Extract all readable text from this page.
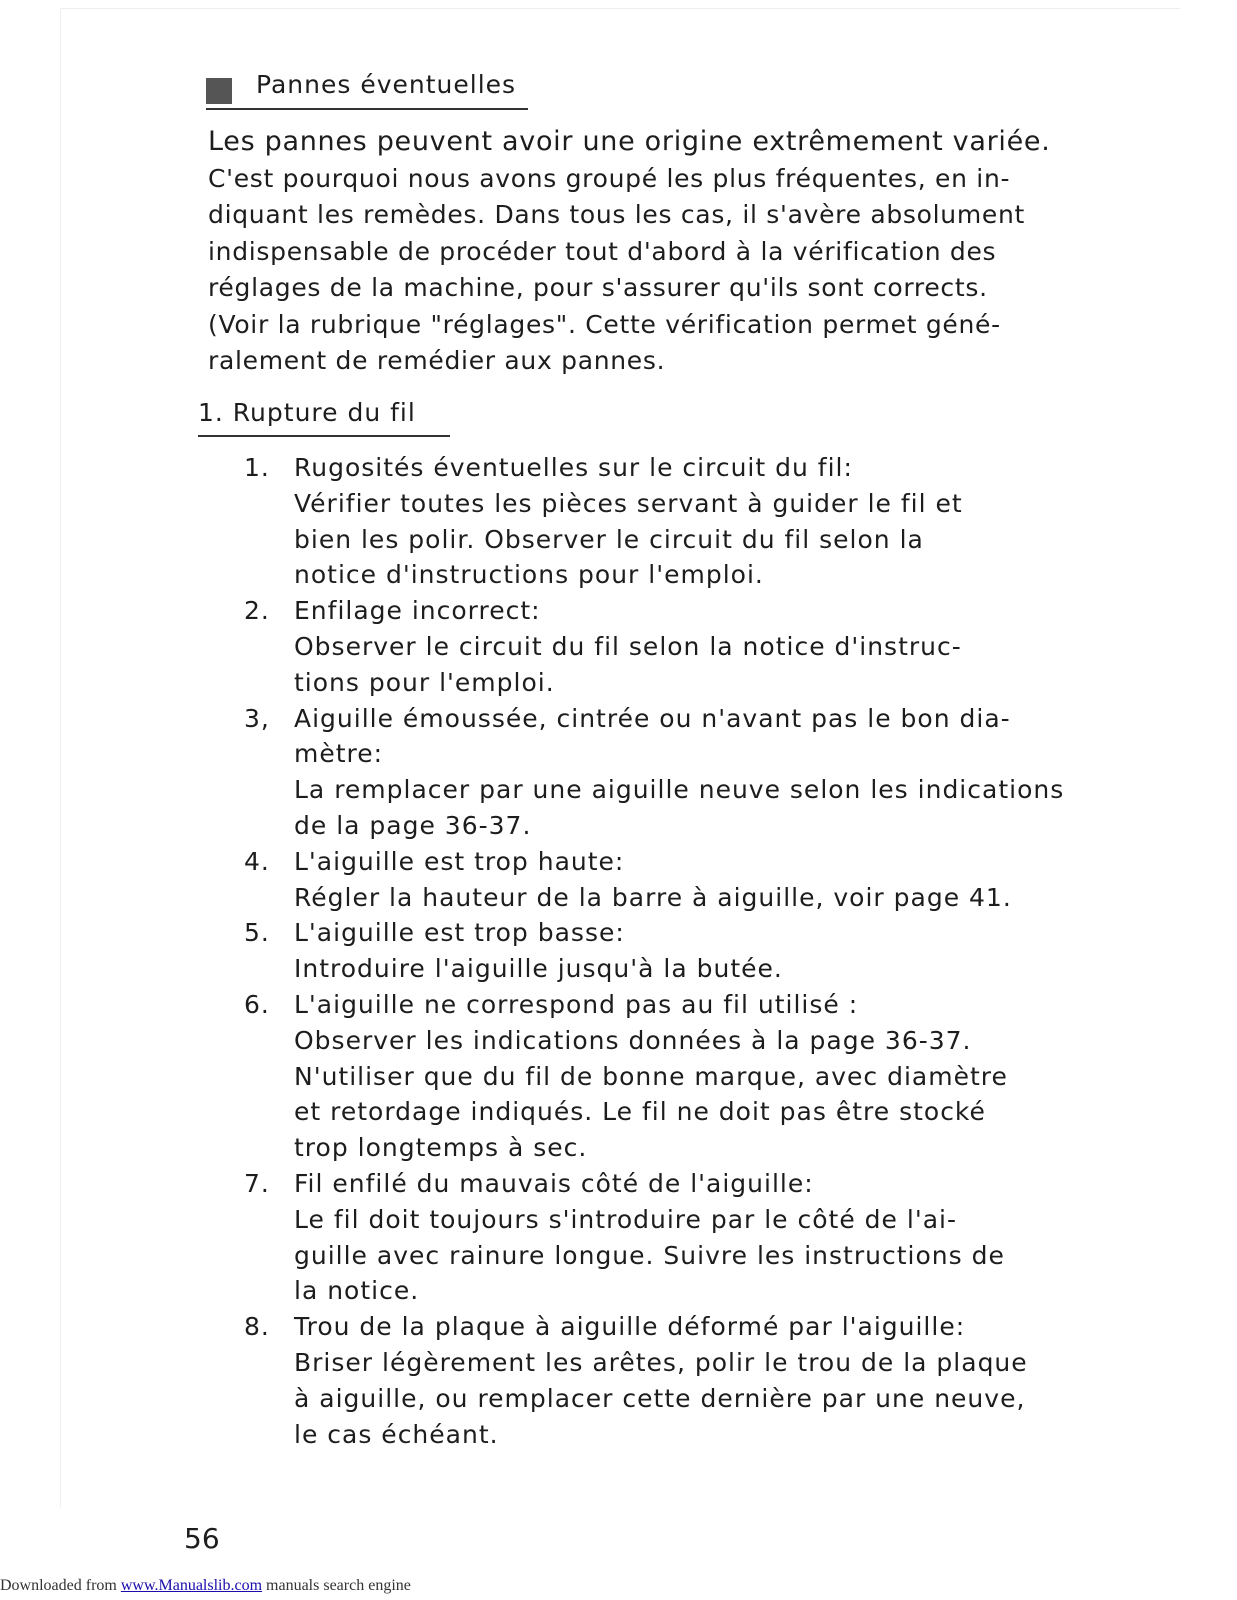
Pannes éventuelles
Les pannes peuvent avoir une origine extrêmement variée.
C'est pourquoi nous avons groupé les plus fréquentes, en in-
diquant les remèdes. Dans tous les cas, il s'avère absolument
indispensable de procéder tout d'abord à la vérification des
réglages de la machine, pour s'assurer qu'ils sont corrects.
(Voir la rubrique "réglages". Cette vérification permet géné-
ralement de remédier aux pannes.
1. Rupture du fil
1. Rugosités éventuelles sur le circuit du fil:
Vérifier toutes les pièces servant à guider le fil et
bien les polir. Observer le circuit du fil selon la
notice d'instructions pour l'emploi.
2. Enfilage incorrect:
Observer le circuit du fil selon la notice d'instruc-
tions pour l'emploi.
3, Aiguille émoussée, cintrée ou n'avant pas le bon dia-
mètre:
La remplacer par une aiguille neuve selon les indications
de la page 36-37.
4. L'aiguille est trop haute:
Régler la hauteur de la barre à aiguille, voir page 41.
5. L'aiguille est trop basse:
Introduire l'aiguille jusqu'à la butée.
6. L'aiguille ne correspond pas au fil utilisé :
Observer les indications données à la page 36-37.
N'utiliser que du fil de bonne marque, avec diamètre
et retordage indiqués. Le fil ne doit pas être stocké
trop longtemps à sec.
7. Fil enfilé du mauvais côté de l'aiguille:
Le fil doit toujours s'introduire par le côté de l'ai-
guille avec rainure longue. Suivre les instructions de
la notice.
8. Trou de la plaque à aiguille déformé par l'aiguille:
Briser légèrement les arêtes, polir le trou de la plaque
à aiguille, ou remplacer cette dernière par une neuve,
le cas échéant.
56
Downloaded from www.Manualslib.com manuals search engine
